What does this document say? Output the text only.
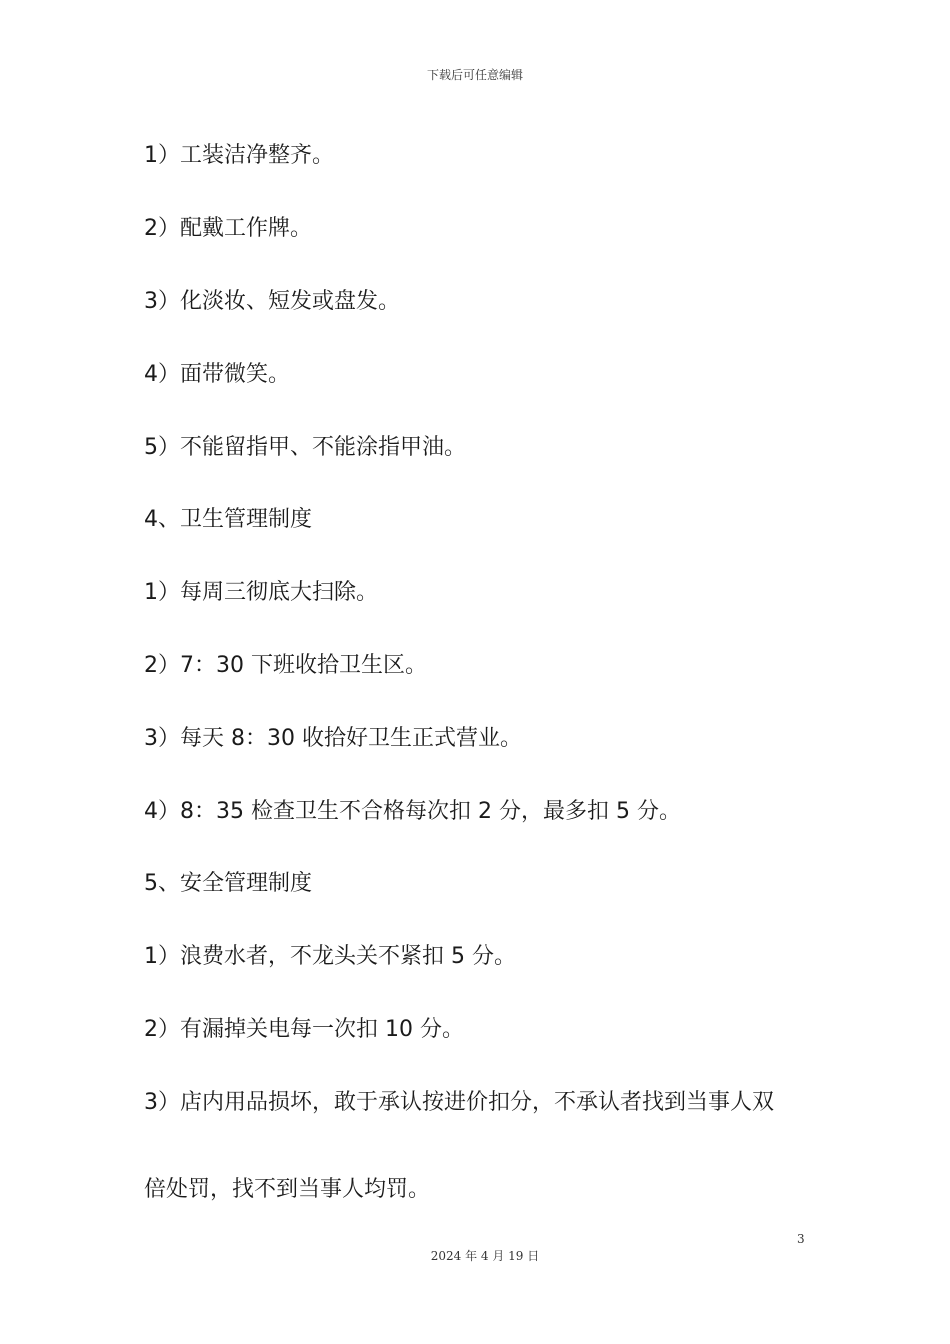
下载后可任意编辑
1）工装洁净整齐。
2）配戴工作牌。
3）化淡妆、短发或盘发。
4）面带微笑。
5）不能留指甲、不能涂指甲油。
4、卫生管理制度
1）每周三彻底大扫除。
2）7：30 下班收拾卫生区。
3）每天 8：30 收拾好卫生正式营业。
4）8：35 检查卫生不合格每次扣 2 分，最多扣 5 分。
5、安全管理制度
1）浪费水者，不龙头关不紧扣 5 分。
2）有漏掉关电每一次扣 10 分。
3）店内用品损坏，敢于承认按进价扣分，不承认者找到当事人双
倍处罚，找不到当事人均罚。
3
2024 年 4 月 19 日
